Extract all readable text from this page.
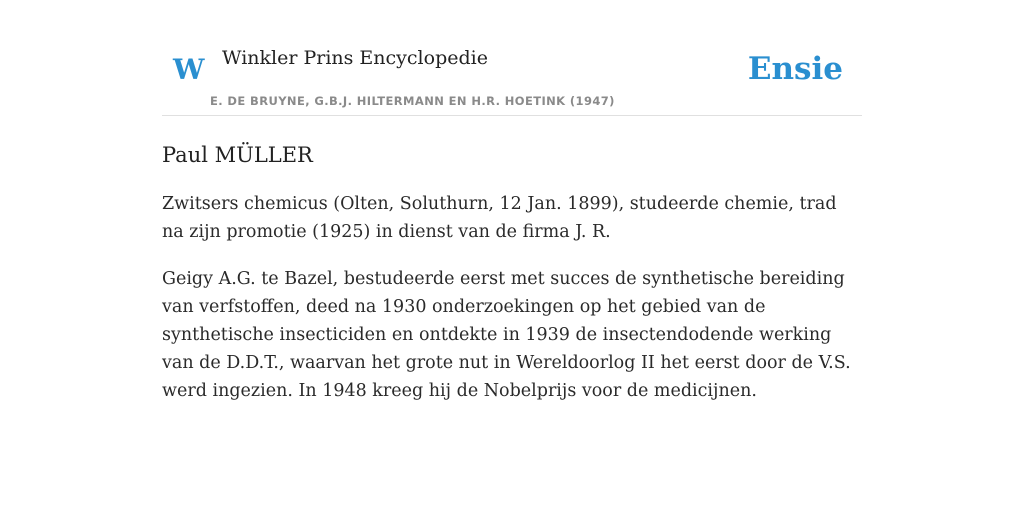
W Winkler Prins Encyclopedie
E. DE BRUYNE, G.B.J. HILTERMANN EN H.R. HOETINK (1947)
Ensie
Paul MÜLLER

Zwitsers chemicus (Olten, Soluthurn, 12 Jan. 1899), studeerde chemie, trad na zijn promotie (1925) in dienst van de firma J. R.

Geigy A.G. te Bazel, bestudeerde eerst met succes de synthetische bereiding van verfstoffen, deed na 1930 onderzoekingen op het gebied van de synthetische insecticiden en ontdekte in 1939 de insectendodende werking van de D.D.T., waarvan het grote nut in Wereldoorlog II het eerst door de V.S. werd ingezien. In 1948 kreeg hij de Nobelprijs voor de medicijnen.
